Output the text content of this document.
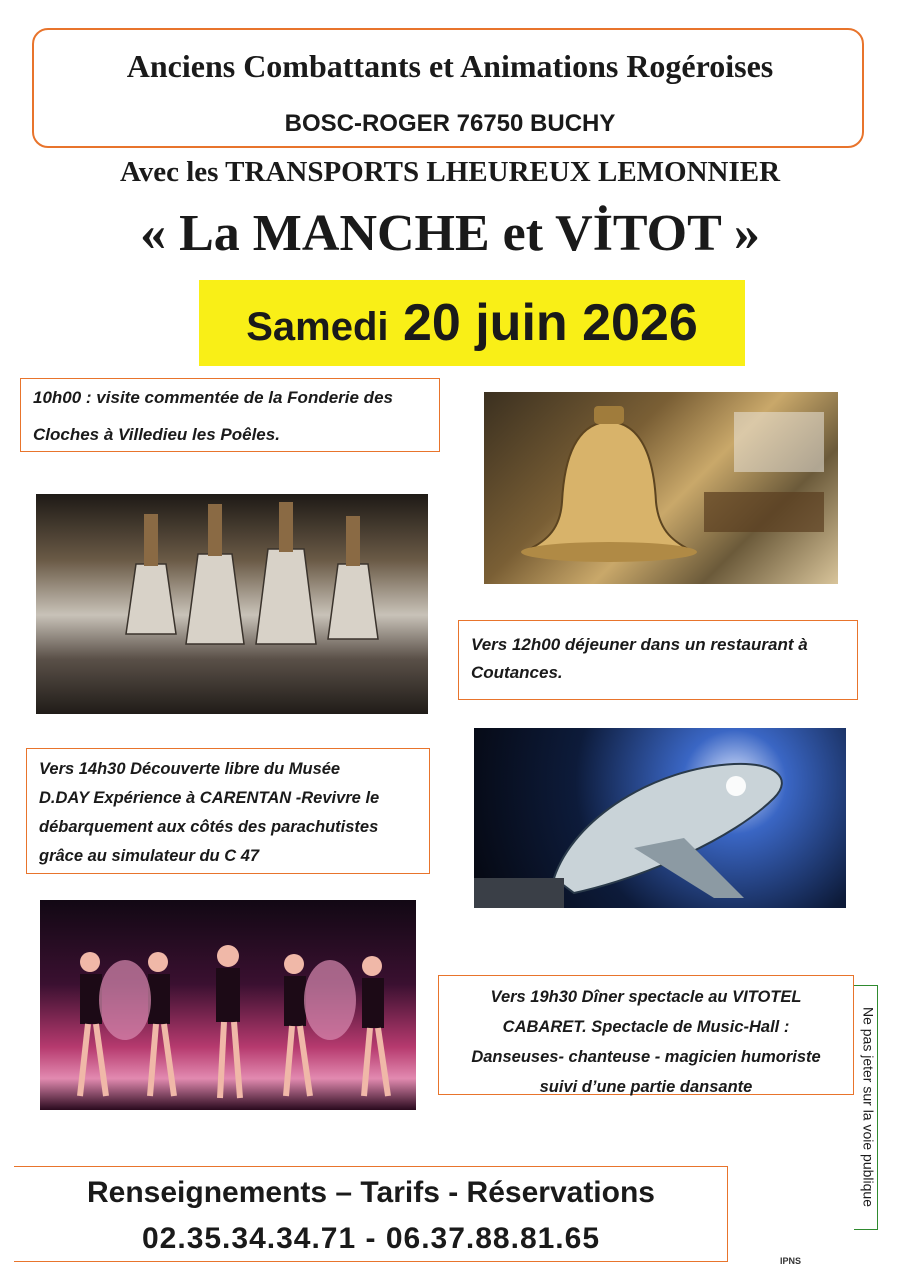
Anciens Combattants et Animations Rogéroises
BOSC-ROGER 76750 BUCHY
Avec les TRANSPORTS LHEUREUX LEMONNIER
« La MANCHE et VİTOT »
Samedi 20 juin 2026
10h00 : visite commentée de la Fonderie des
Cloches à Villedieu les Poêles.
Vers 12h00 déjeuner dans un restaurant à
Coutances.
Vers 14h30 Découverte libre du Musée
D.DAY Expérience à CARENTAN -Revivre le
débarquement aux côtés des parachutistes
grâce au simulateur du C 47
Vers 19h30 Dîner spectacle au VITOTEL
CABARET. Spectacle de Music-Hall :
Danseuses- chanteuse - magicien humoriste
suivi d’une partie dansante	Ne pas jeter sur la voie publique
Renseignements – Tarifs - Réservations
02.35.34.34.71 - 06.37.88.81.65
IPNS
